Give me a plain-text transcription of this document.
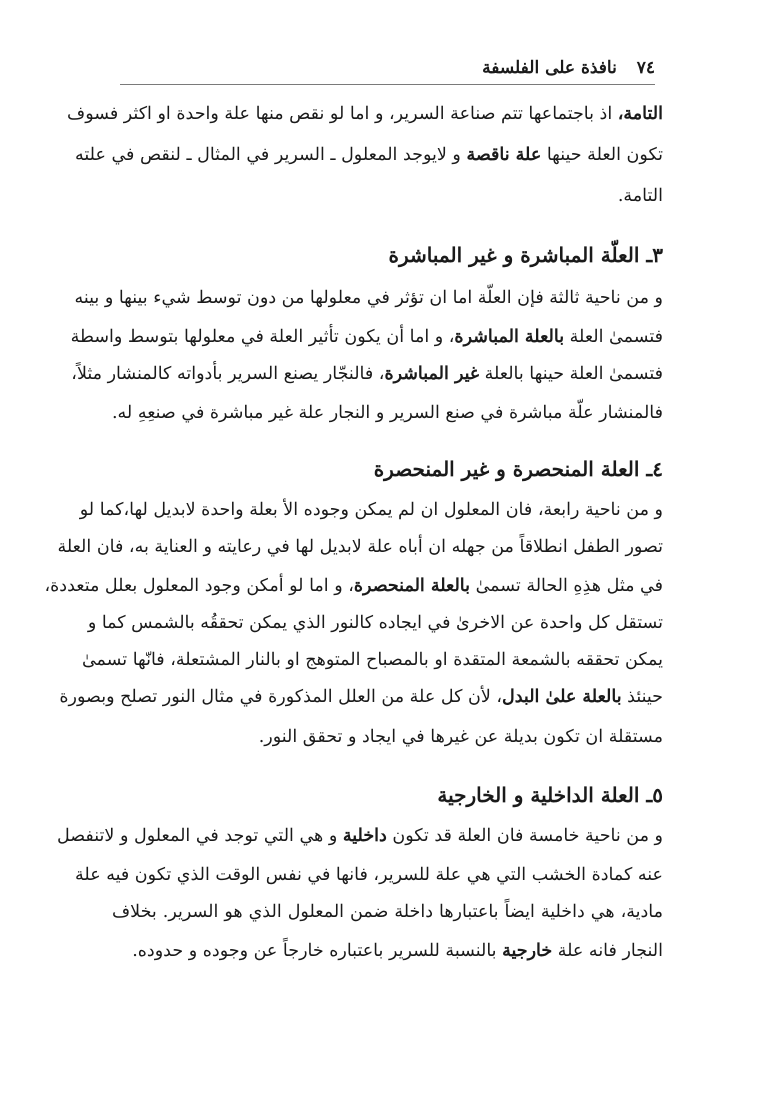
٧٤ نافذة على الفلسفة
التامة، اذ باجتماعها تتم صناعة السرير، و اما لو نقص منها علة واحدة او اكثر فسوف
تكون العلة حينها علة ناقصة و لايوجد المعلول ـ السرير في المثال ـ لنقص في علته
التامة.
٣ـ العلّة المباشرة و غير المباشرة
و من ناحية ثالثة فإن العلّة اما ان تؤثر في معلولها من دون توسط شيء بينها و بينه
فتسمىٰ العلة بالعلة المباشرة، و اما أن يكون تأثير العلة في معلولها بتوسط واسطة
فتسمىٰ العلة حينها بالعلة غير المباشرة، فالنجّار يصنع السرير بأدواته كالمنشار مثلاً،
فالمنشار علّة مباشرة في صنع السرير و النجار علة غير مباشرة في صنعِهِ له.
٤ـ العلة المنحصرة و غير المنحصرة
و من ناحية رابعة، فان المعلول ان لم يمكن وجوده الأ بعلة واحدة لابديل لها،كما لو
تصور الطفل انطلاقاً من جهله ان أباه علة لابديل لها في رعايته و العناية به، فان العلة
في مثل هذِهِ الحالة تسمىٰ بالعلة المنحصرة، و اما لو أمكن وجود المعلول بعلل متعددة،
تستقل كل واحدة عن الاخرىٰ في ايجاده كالنور الذي يمكن تحققُه بالشمس كما و
يمكن تحققه بالشمعة المتقدة او بالمصباح المتوهج او بالنار المشتعلة، فانّها تسمىٰ
حينئذ بالعلة علىٰ البدل، لأن كل علة من العلل المذكورة في مثال النور تصلح وبصورة
مستقلة ان تكون بديلة عن غيرها في ايجاد و تحقق النور.
٥ـ العلة الداخلية و الخارجية
و من ناحية خامسة فان العلة قد تكون داخلية و هي التي توجد في المعلول و لاتنفصل
عنه كمادة الخشب التي هي علة للسرير، فانها في نفس الوقت الذي تكون فيه علة
مادية، هي داخلية ايضاً باعتبارها داخلة ضمن المعلول الذي هو السرير. بخلاف
النجار فانه علة خارجية بالنسبة للسرير باعتباره خارجاً عن وجوده و حدوده.
